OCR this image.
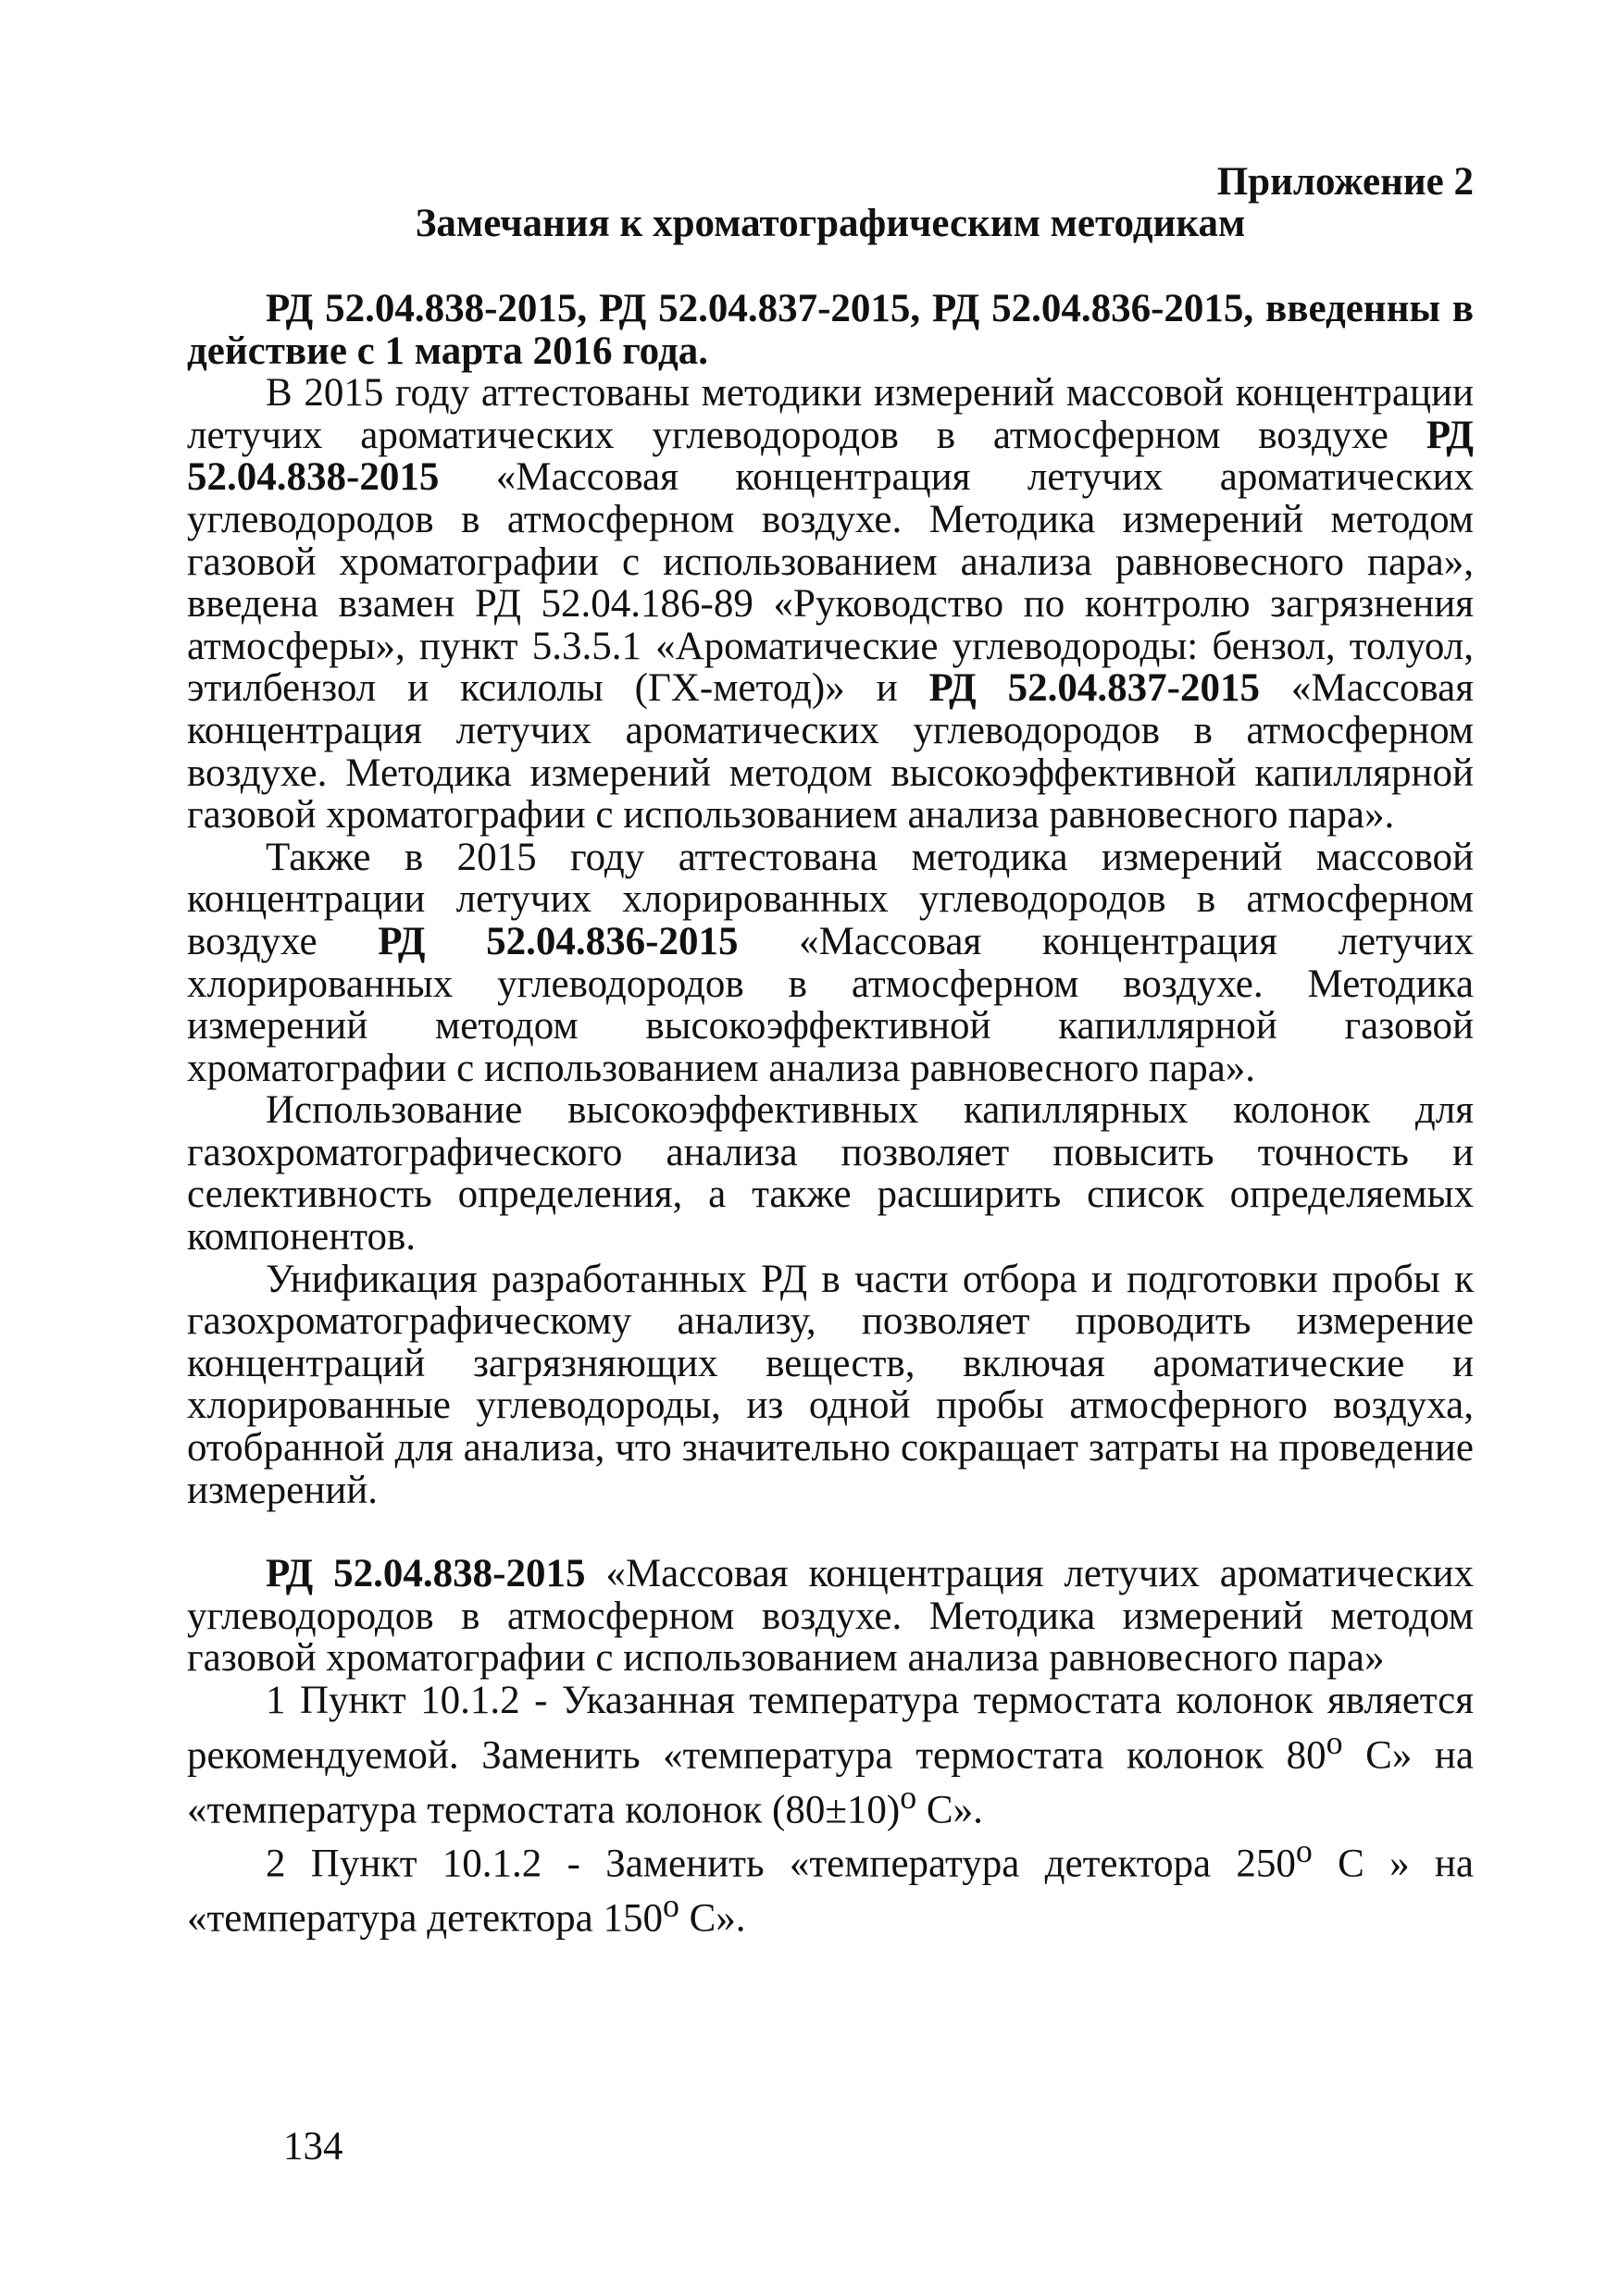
Приложение 2

Замечания к хроматографическим методикам

РД 52.04.838-2015, РД 52.04.837-2015, РД 52.04.836-2015, введенны в действие с 1 марта 2016 года.

В 2015 году аттестованы методики измерений массовой концентрации летучих ароматических углеводородов в атмосферном воздухе РД 52.04.838-2015 «Массовая концентрация летучих ароматических углеводородов в атмосферном воздухе. Методика измерений методом газовой хроматографии с использованием анализа равновесного пара», введена взамен РД 52.04.186-89 «Руководство по контролю загрязнения атмосферы», пункт 5.3.5.1 «Ароматические углеводороды: бензол, толуол, этилбензол и ксилолы (ГХ-метод)» и РД 52.04.837-2015 «Массовая концентрация летучих ароматических углеводородов в атмосферном воздухе. Методика измерений методом высокоэффективной капиллярной газовой хроматографии с использованием анализа равновесного пара».

Также в 2015 году аттестована методика измерений массовой концентрации летучих хлорированных углеводородов в атмосферном воздухе РД 52.04.836-2015 «Массовая концентрация летучих хлорированных углеводородов в атмосферном воздухе. Методика измерений методом высокоэффективной капиллярной газовой хроматографии с использованием анализа равновесного пара».

Использование высокоэффективных капиллярных колонок для газохроматографического анализа позволяет повысить точность и селективность определения, а также расширить список определяемых компонентов.

Унификация разработанных РД в части отбора и подготовки пробы к газохроматографическому анализу, позволяет проводить измерение концентраций загрязняющих веществ, включая ароматические и хлорированные углеводороды, из одной пробы атмосферного воздуха, отобранной для анализа, что значительно сокращает затраты на проведение измерений.

РД 52.04.838-2015 «Массовая концентрация летучих ароматических углеводородов в атмосферном воздухе. Методика измерений методом газовой хроматографии с использованием анализа равновесного пара»

1 Пункт 10.1.2 - Указанная температура термостата колонок является рекомендуемой. Заменить «температура термостата колонок $80^о$ С» на «температура термостата колонок $(80\pm 10)^о$ С».

2 Пункт 10.1.2 - Заменить «температура детектора $250^о$ С » на «температура детектора $150^о$ С».

134
